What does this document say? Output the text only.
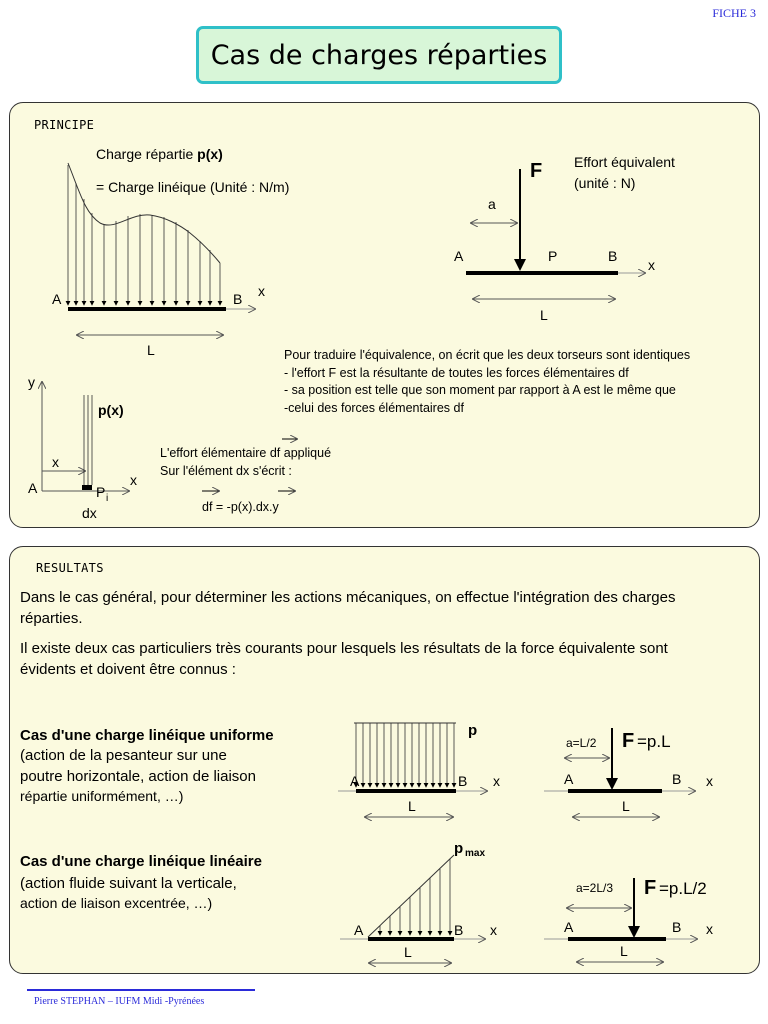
FICHE 3
Cas de charges réparties
PRINCIPE
Charge répartie p(x)
= Charge linéique (Unité : N/m)
Effort équivalent
(unité : N)
A	B x
L
F
a
A	P	B
x
L
Pour traduire l'équivalence, on écrit que les deux torseurs sont identiques
- l'effort F est la résultante de toutes les forces élémentaires df
- sa position est telle que son moment par rapport à A est le même que
-celui des forces élémentaires df
y
p(x)
x
A	P i
x
dx
L'effort élémentaire df appliqué
Sur l'élément dx s'écrit :
df = -p(x).dx.y
RESULTATS
Dans le cas général, pour déterminer les actions mécaniques, on effectue l'intégration des charges réparties.
Il existe deux cas particuliers très courants pour lesquels les résultats de la force équivalente sont évidents et doivent être connus :
Cas d'une charge linéique uniforme
(action de la pesanteur sur une
poutre horizontale, action de liaison
répartie uniformément, …)
p
A	B x
L
a=L/2 F =p.L
A	B x
L
Cas d'une charge linéique linéaire
(action fluide suivant la verticale,
action de liaison excentrée, …)
p max
A	B x
L
a=2L/3 F =p.L/2
A	B x
L
Pierre STEPHAN – IUFM Midi -Pyrénées
